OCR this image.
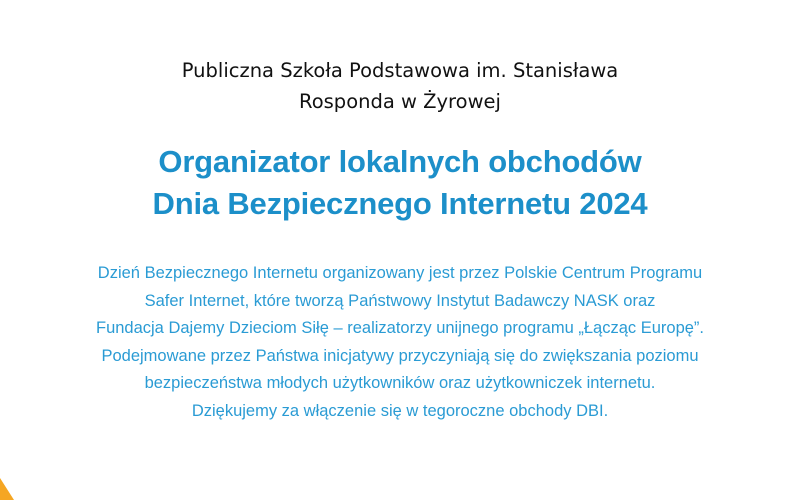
Publiczna Szkoła Podstawowa im. Stanisława
Rosponda w Żyrowej
Organizator lokalnych obchodów
Dnia Bezpiecznego Internetu 2024
Dzień Bezpiecznego Internetu organizowany jest przez Polskie Centrum Programu
Safer Internet, które tworzą Państwowy Instytut Badawczy NASK oraz
Fundacja Dajemy Dzieciom Siłę – realizatorzy unijnego programu „Łącząc Europę”.
Podejmowane przez Państwa inicjatywy przyczyniają się do zwiększania poziomu
bezpieczeństwa młodych użytkowników oraz użytkowniczek internetu.
Dziękujemy za włączenie się w tegoroczne obchody DBI.
